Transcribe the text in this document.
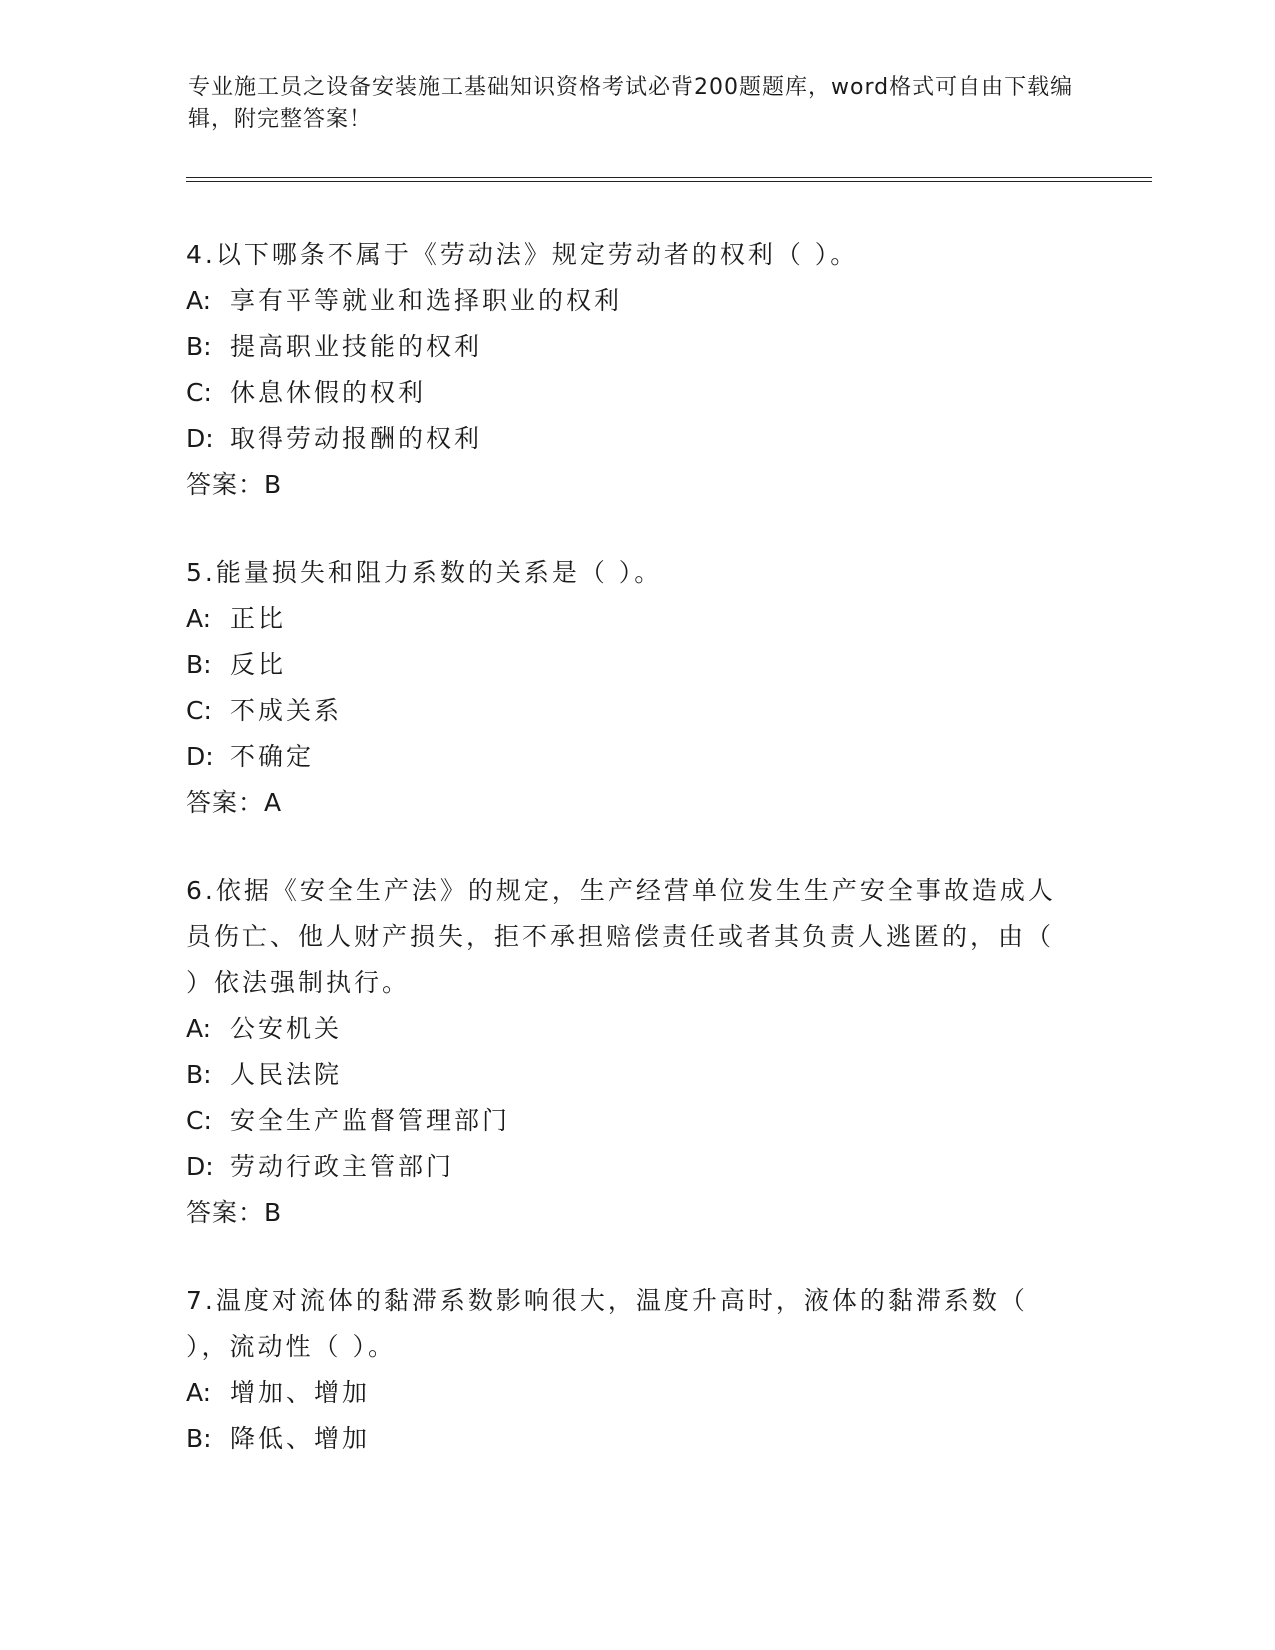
专业施工员之设备安装施工基础知识资格考试必背200题题库，word格式可自由下载编辑，附完整答案！
4.以下哪条不属于《劳动法》规定劳动者的权利（ ）。
A: 享有平等就业和选择职业的权利
B: 提高职业技能的权利
C: 休息休假的权利
D: 取得劳动报酬的权利
答案：B
5.能量损失和阻力系数的关系是（ ）。
A: 正比
B: 反比
C: 不成关系
D: 不确定
答案：A
6.依据《安全生产法》的规定，生产经营单位发生生产安全事故造成人员伤亡、他人财产损失，拒不承担赔偿责任或者其负责人逃匿的，由（ ）依法强制执行。
A: 公安机关
B: 人民法院
C: 安全生产监督管理部门
D: 劳动行政主管部门
答案：B
7.温度对流体的黏滞系数影响很大，温度升高时，液体的黏滞系数（ ），流动性（ ）。
A: 增加、增加
B: 降低、增加
